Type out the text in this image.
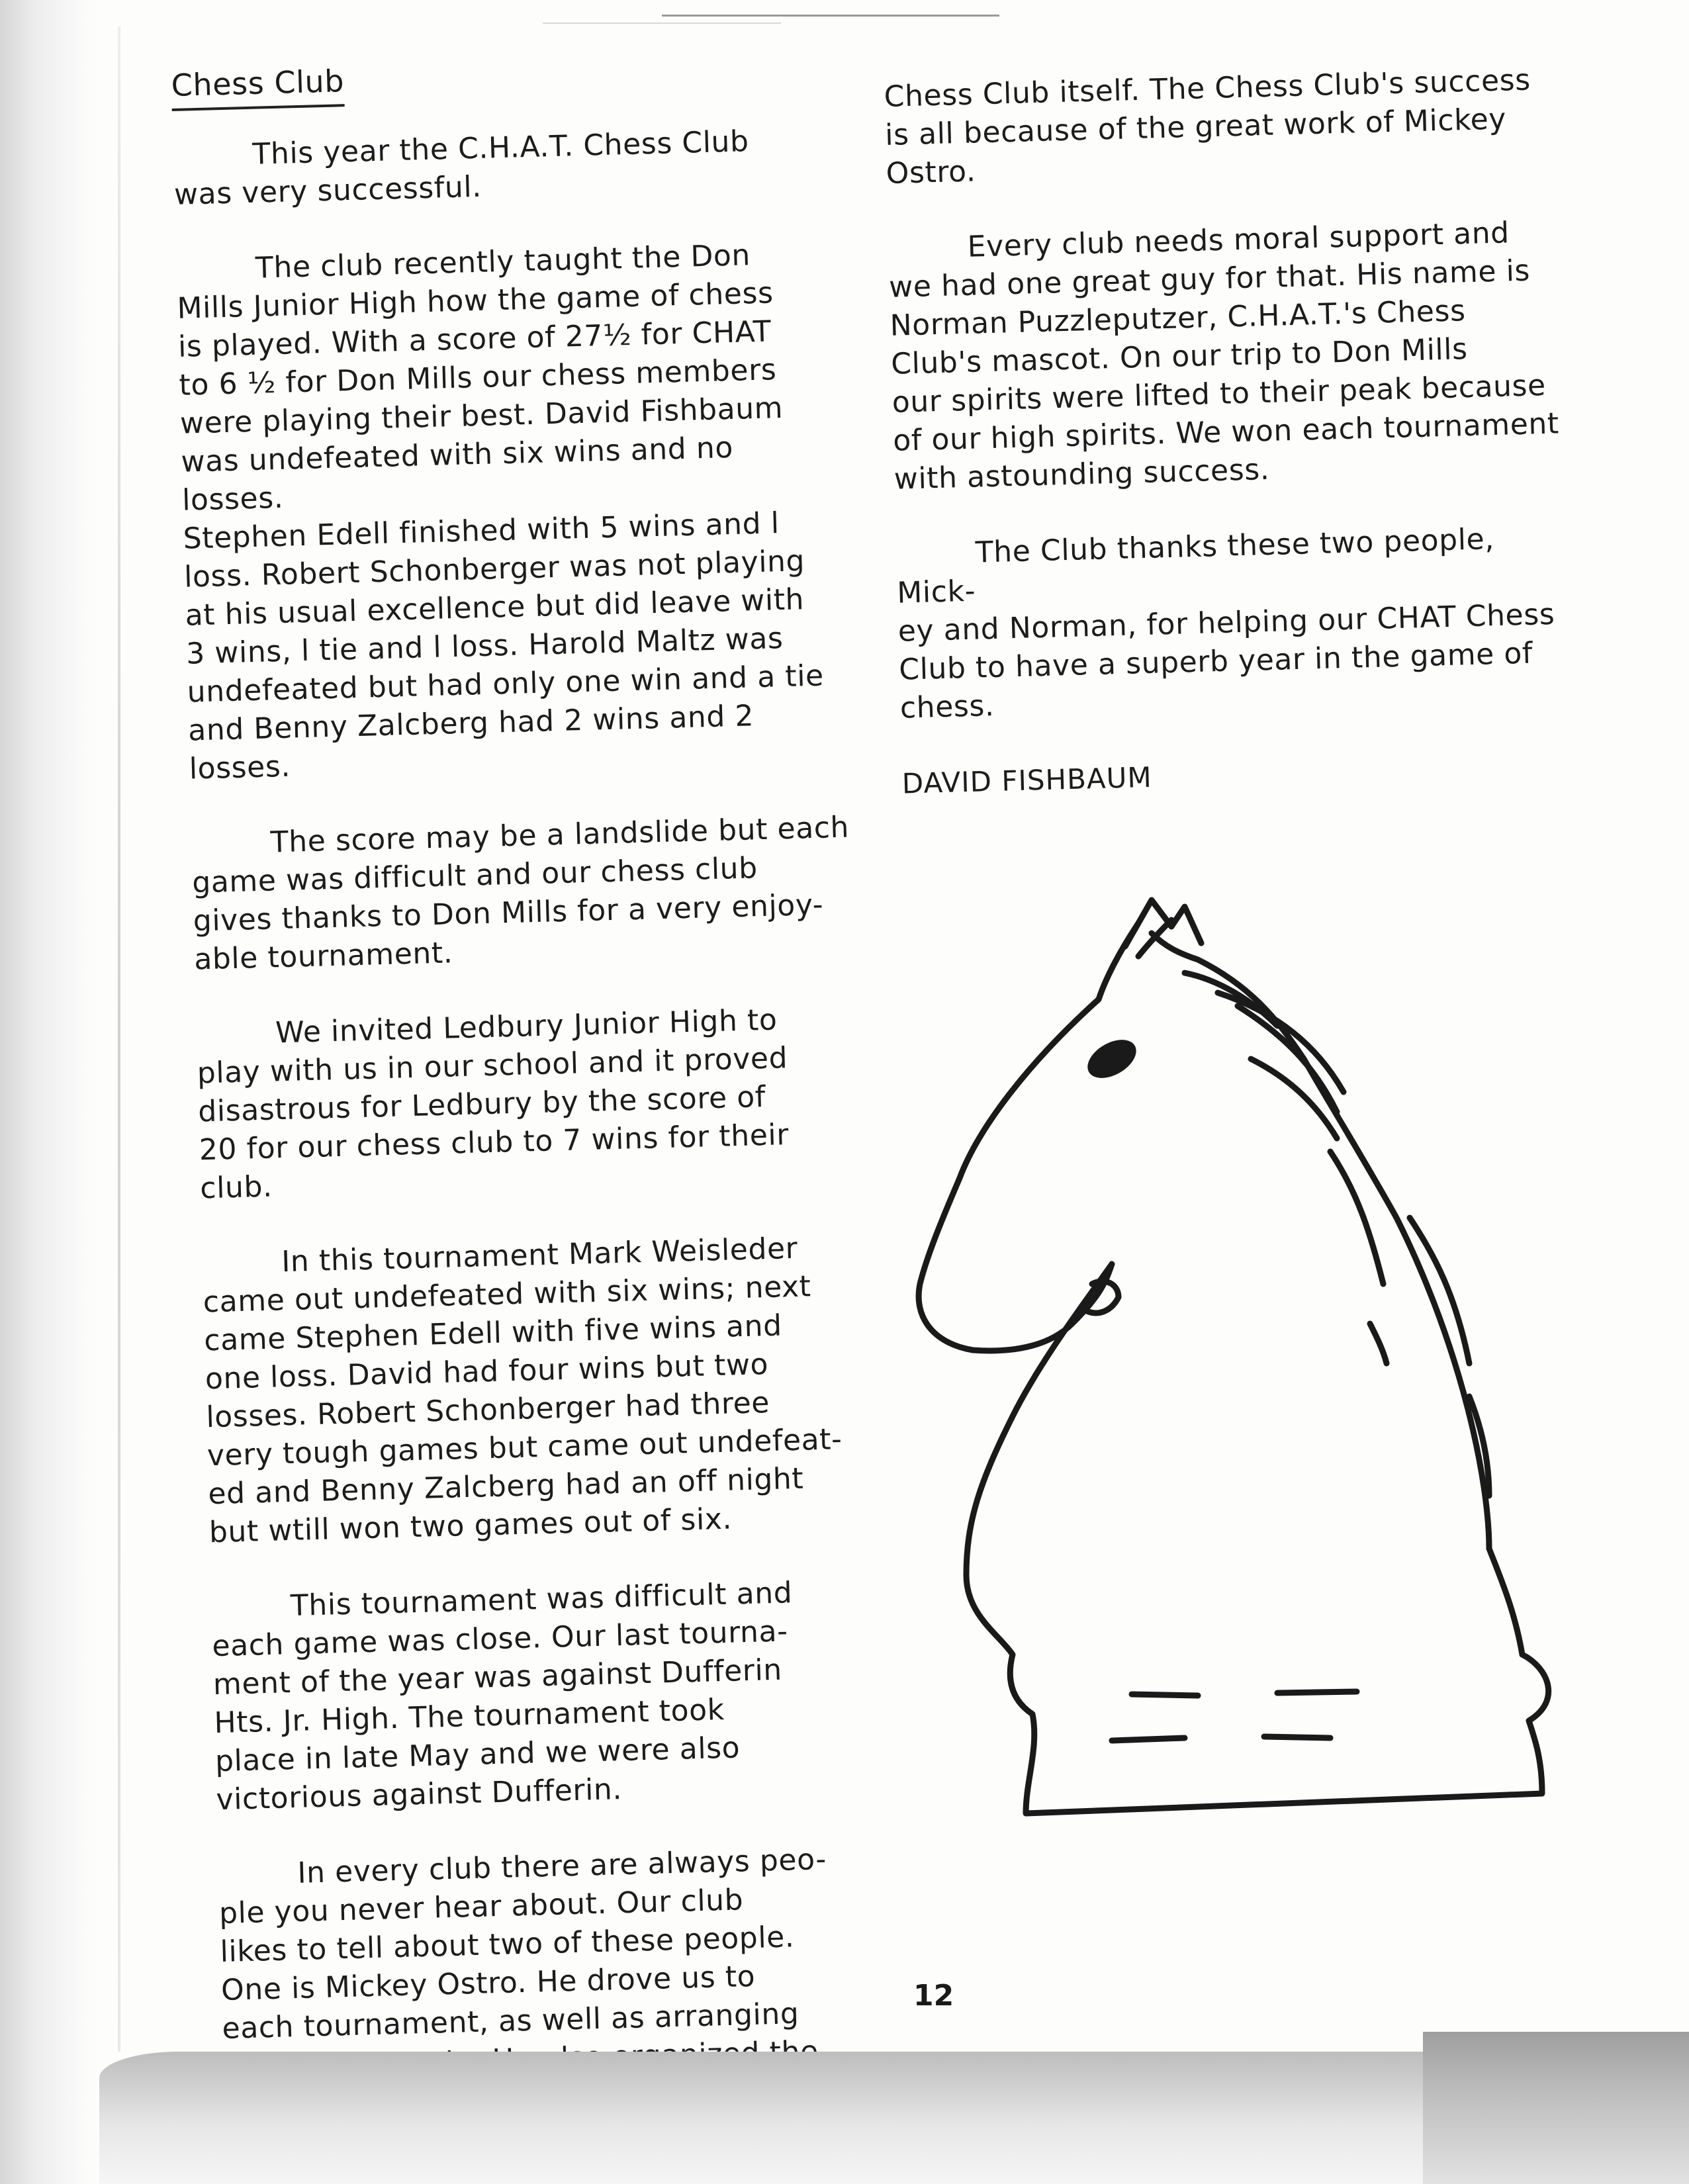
Chess Club

This year the C.H.A.T. Chess Club
was very successful.

The club recently taught the Don
Mills Junior High how the game of chess
is played. With a score of 27½ for CHAT
to 6 ½ for Don Mills our chess members
were playing their best. David Fishbaum
was undefeated with six wins and no losses.
Stephen Edell finished with 5 wins and l
loss. Robert Schonberger was not playing
at his usual excellence but did leave with
3 wins, l tie and l loss. Harold Maltz was
undefeated but had only one win and a tie
and Benny Zalcberg had 2 wins and 2 losses.

The score may be a landslide but each
game was difficult and our chess club
gives thanks to Don Mills for a very enjoy-
able tournament.

We invited Ledbury Junior High to
play with us in our school and it proved
disastrous for Ledbury by the score of
20 for our chess club to 7 wins for their
club.

In this tournament Mark Weisleder
came out undefeated with six wins; next
came Stephen Edell with five wins and
one loss. David had four wins but two
losses. Robert Schonberger had three
very tough games but came out undefeat-
ed and Benny Zalcberg had an off night
but wtill won two games out of six.

This tournament was difficult and
each game was close. Our last tourna-
ment of the year was against Dufferin
Hts. Jr. High. The tournament took
place in late May and we were also
victorious against Dufferin.

In every club there are always peo-
ple you never hear about. Our club
likes to tell about two of these people.
One is Mickey Ostro. He drove us to
each tournament, as well as arranging

Chess Club itself. The Chess Club's success
is all because of the great work of Mickey
Ostro.

Every club needs moral support and
we had one great guy for that. His name is
Norman Puzzleputzer, C.H.A.T.'s Chess
Club's mascot. On our trip to Don Mills
our spirits were lifted to their peak because
of our high spirits. We won each tournament
with astounding success.

The Club thanks these two people, Mick-
ey and Norman, for helping our CHAT Chess
Club to have a superb year in the game of
chess.

DAVID FISHBAUM

12
